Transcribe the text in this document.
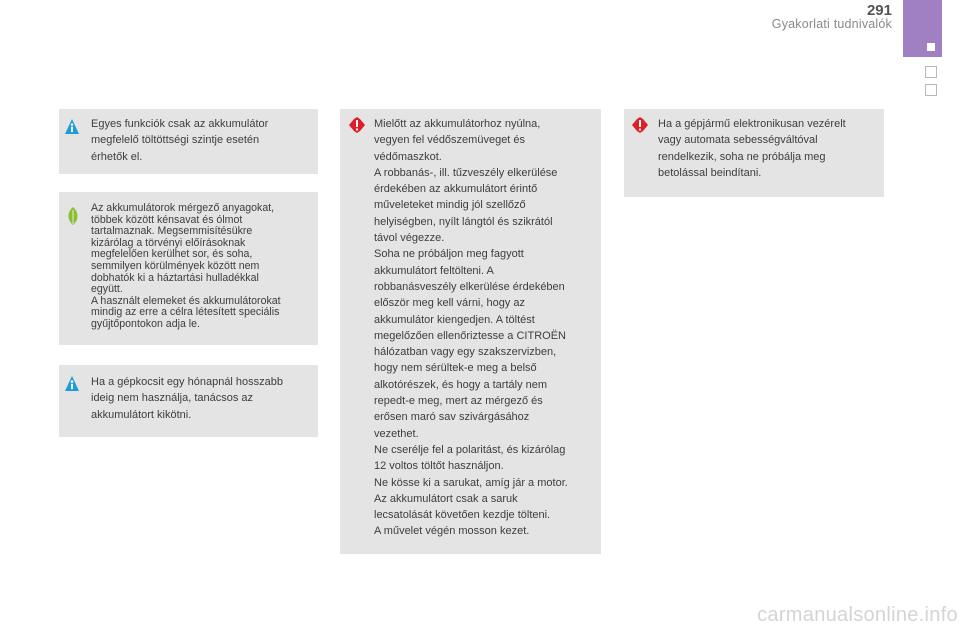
291
Gyakorlati tudnivalók
Egyes funkciók csak az akkumulátor
megfelelő töltöttségi szintje esetén
érhetők el.
Az akkumulátorok mérgező anyagokat,
többek között kénsavat és ólmot
tartalmaznak. Megsemmisítésükre
kizárólag a törvényi előírásoknak
megfelelően kerülhet sor, és soha,
semmilyen körülmények között nem
dobhatók ki a háztartási hulladékkal
együtt.
A használt elemeket és akkumulátorokat
mindig az erre a célra létesített speciális
gyűjtőpontokon adja le.
Ha a gépkocsit egy hónapnál hosszabb
ideig nem használja, tanácsos az
akkumulátort kikötni.
Mielőtt az akkumulátorhoz nyúlna,
vegyen fel védőszemüveget és
védőmaszkot.
A robbanás-, ill. tűzveszély elkerülése
érdekében az akkumulátort érintő
műveleteket mindig jól szellőző
helyiségben, nyílt lángtól és szikrától
távol végezze.
Soha ne próbáljon meg fagyott
akkumulátort feltölteni. A
robbanásveszély elkerülése érdekében
először meg kell várni, hogy az
akkumulátor kiengedjen. A töltést
megelőzően ellenőriztesse a CITROËN
hálózatban vagy egy szakszervizben,
hogy nem sérültek-e meg a belső
alkotórészek, és hogy a tartály nem
repedt-e meg, mert az mérgező és
erősen maró sav szivárgásához
vezethet.
Ne cserélje fel a polaritást, és kizárólag
12 voltos töltőt használjon.
Ne kösse ki a sarukat, amíg jár a motor.
Az akkumulátort csak a saruk
lecsatolását követően kezdje tölteni.
A művelet végén mosson kezet.
Ha a gépjármű elektronikusan vezérelt
vagy automata sebességváltóval
rendelkezik, soha ne próbálja meg
betolással beindítani.
carmanualsonline.info
